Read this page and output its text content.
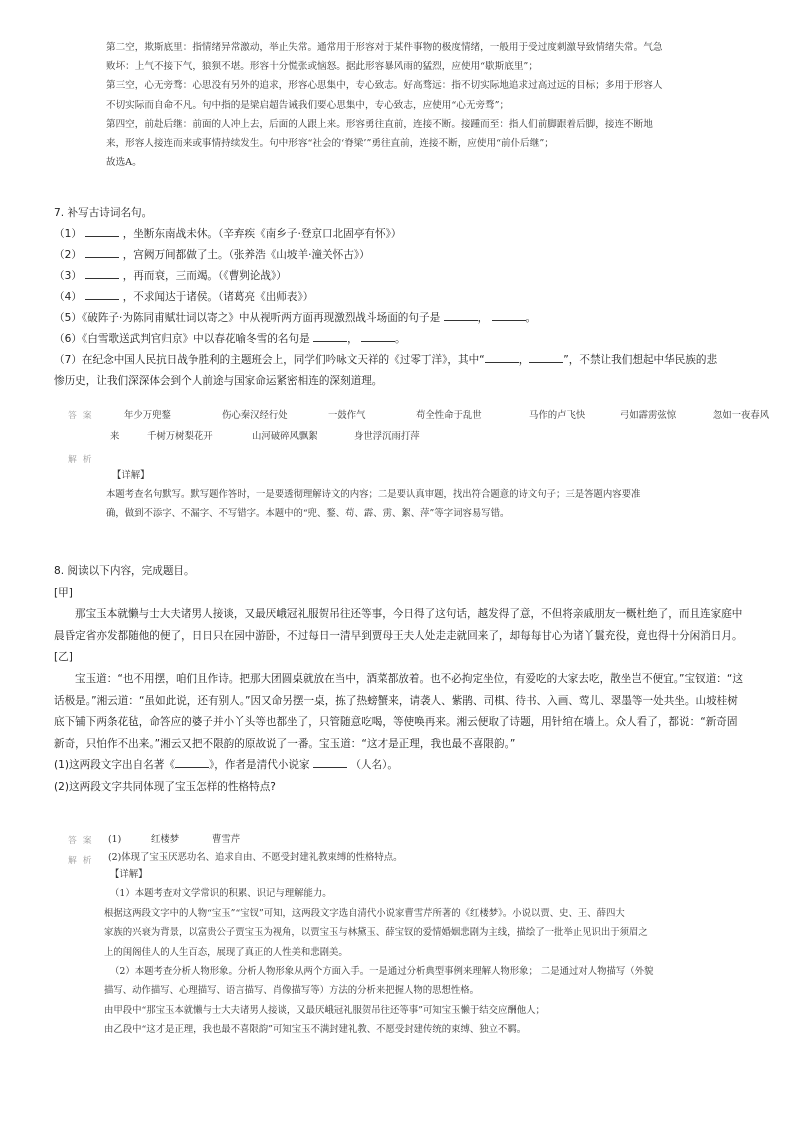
第二空，欺斯底里：指情绪异常激动，举止失常。通常用于形容对于某件事物的极度情绪，一般用于受过度刺激导致情绪失常。气急

败坏：上气不接下气，狼狈不堪。形容十分慌张或恼怒。据此形容暴风雨的猛烈，应使用“歇斯底里”；

第三空，心无旁骛：心思没有另外的追求，形容心思集中，专心致志。好高骛远：指不切实际地追求过高过远的目标；多用于形容人

不切实际而自命不凡。句中指的是梁启超告诫我们要心思集中，专心致志，应使用“心无旁骛”；

第四空，前赴后继：前面的人冲上去，后面的人跟上来。形容勇往直前，连接不断。接踵而至：指人们前脚跟着后脚，接连不断地

来，形容人接连而来或事情持续发生。句中形容“社会的‘脊梁’”勇往直前，连接不断，应使用“前仆后继”；

故选A。

7. 补写古诗词名句。

（1）	，坐断东南战未休。（辛弃疾《南乡子·登京口北固亭有怀》）

（2）	，宫阙万间都做了土。（张养浩《山坡羊·潼关怀古》）

（3）	，再而衰，三而竭。（《曹刿论战》）

（4）	，不求闻达于诸侯。（诸葛亮《出师表》）

（5）《破阵子·为陈同甫赋壮词以寄之》中从视听两方面再现激烈战斗场面的句子是	，	。

（6）《白雪歌送武判官归京》中以春花喻冬雪的名句是	，	。

（7）在纪念中国人民抗日战争胜利的主题班会上，同学们吟咏文天祥的《过零丁洋》，其中“	，	”，不禁让我们想起中华民族的悲

惨历史，让我们深深体会到个人前途与国家命运紧密相连的深刻道理。

答案	年少万兜鍪	伤心秦汉经行处	一鼓作气	苟全性命于乱世	马作的卢飞快	弓如霹雳弦惊	忽如一夜春风
来	千树万树梨花开	山河破碎风飘絮	身世浮沉雨打萍
解析

【详解】

本题考查名句默写。默写题作答时，一是要透彻理解诗文的内容；二是要认真审题，找出符合题意的诗文句子；三是答题内容要准

确，做到不添字、不漏字、不写错字。本题中的“兜、鍪、苟、霹、雳、絮、萍”等字词容易写错。

8. 阅读以下内容，完成题目。

[甲]

那宝玉本就懒与士大夫诸男人接谈，又最厌峨冠礼服贺吊往还等事，今日得了这句话，越发得了意，不但将亲戚朋友一概杜绝了，而且连家庭中晨昏定省亦发都随他的便了，日日只在园中游卧，不过每日一清早到贾母王夫人处走走就回来了，却每每甘心为诸丫鬟充役，竟也得十分闲消日月。

[乙]

宝玉道：“也不用摆，咱们且作诗。把那大团圆桌就放在当中，酒菜都放着。也不必拘定坐位，有爱吃的大家去吃，散坐岂不便宜。”宝钗道：“这话极是。”湘云道：“虽如此说，还有别人。”因又命另摆一桌，拣了热螃蟹来，请袭人、紫鹃、司棋、待书、入画、莺儿、翠墨等一处共坐。山坡桂树底下铺下两条花毡，命答应的婆子并小丫头等也都坐了，只管随意吃喝，等使唤再来。湘云便取了诗题，用针绾在墙上。众人看了，都说：“新奇固新奇，只怕作不出来。”湘云又把不限韵的原故说了一番。宝玉道：“这才是正理，我也最不喜限韵。”

(1)这两段文字出自名著《	》，作者是清代小说家	（人名）。

(2)这两段文字共同体现了宝玉怎样的性格特点?

答案 (1)	红楼梦	曹雪芹

(2)体现了宝玉厌恶功名、追求自由、不愿受封建礼教束缚的性格特点。

解析

【详解】

（1）本题考查对文学常识的积累、识记与理解能力。

根据这两段文字中的人物“宝玉”“宝钗”可知，这两段文字选自清代小说家曹雪芹所著的《红楼梦》。小说以贾、史、王、薛四大

家族的兴衰为背景，以富贵公子贾宝玉为视角，以贾宝玉与林黛玉、薛宝钗的爱情婚姻悲剧为主线，描绘了一批举止见识出于须眉之

上的闺阁佳人的人生百态，展现了真正的人性美和悲剧美。

（2）本题考查分析人物形象。分析人物形象从两个方面入手。一是通过分析典型事例来理解人物形象； 二是通过对人物描写（外貌

描写、动作描写、心理描写、语言描写、肖像描写等）方法的分析来把握人物的思想性格。

由甲段中“那宝玉本就懒与士大夫诸男人接谈，又最厌峨冠礼服贺吊往还等事”可知宝玉懒于结交应酬他人；

由乙段中“这才是正理，我也最不喜限韵”可知宝玉不满封建礼教、不愿受封建传统的束缚、独立不羁。
